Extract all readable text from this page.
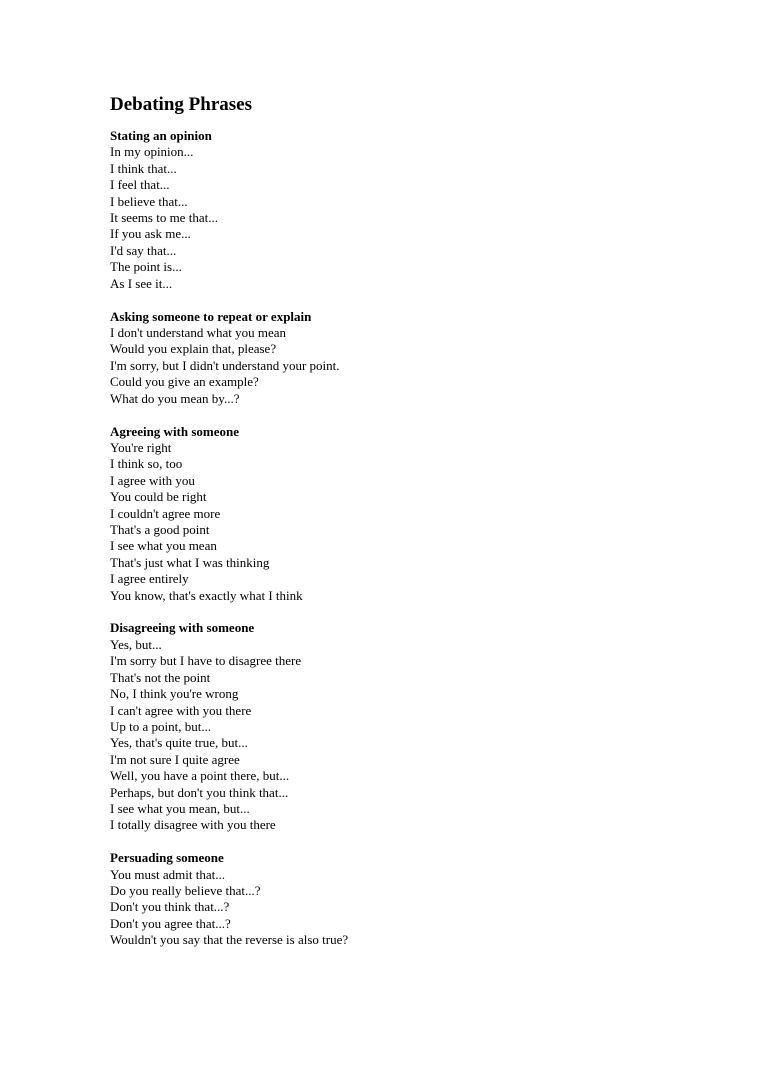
Debating Phrases
Stating an opinion
In my opinion...
I think that...
I feel that...
I believe that...
It seems to me that...
If you ask me...
I'd say that...
The point is...
As I see it...
Asking someone to repeat or explain
I don't understand what you mean
Would you explain that, please?
I'm sorry, but I didn't understand your point.
Could you give an example?
What do you mean by...?
Agreeing with someone
You're right
I think so, too
I agree with you
You could be right
I couldn't agree more
That's a good point
I see what you mean
That's just what I was thinking
I agree entirely
You know, that's exactly what I think
Disagreeing with someone
Yes, but...
I'm sorry but I have to disagree there
That's not the point
No, I think you're wrong
I can't agree with you there
Up to a point, but...
Yes, that's quite true, but...
I'm not sure I quite agree
Well, you have a point there, but...
Perhaps, but don't you think that...
I see what you mean, but...
I totally disagree with you there
Persuading someone
You must admit that...
Do you really believe that...?
Don't you think that...?
Don't you agree that...?
Wouldn't you say that the reverse is also true?
